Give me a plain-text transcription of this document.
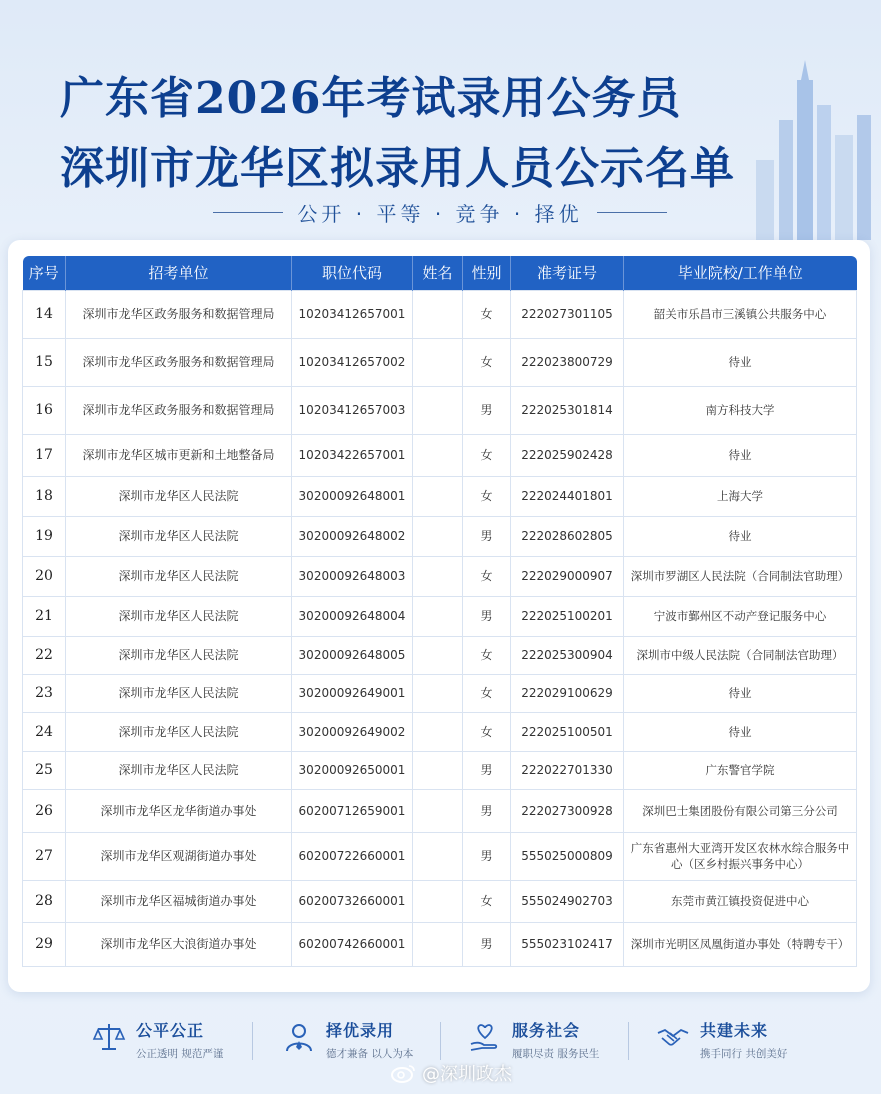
广东省2026年考试录用公务员
深圳市龙华区拟录用人员公示名单
公开 · 平等 · 竞争 · 择优
序号	招考单位	职位代码	姓名	性别	准考证号	毕业院校/工作单位
14	深圳市龙华区政务服务和数据管理局	10203412657001		女	222027301105	韶关市乐昌市三溪镇公共服务中心
15	深圳市龙华区政务服务和数据管理局	10203412657002		女	222023800729	待业
16	深圳市龙华区政务服务和数据管理局	10203412657003		男	222025301814	南方科技大学
17	深圳市龙华区城市更新和土地整备局	10203422657001		女	222025902428	待业
18	深圳市龙华区人民法院	30200092648001		女	222024401801	上海大学
19	深圳市龙华区人民法院	30200092648002		男	222028602805	待业
20	深圳市龙华区人民法院	30200092648003		女	222029000907	深圳市罗湖区人民法院（合同制法官助理）
21	深圳市龙华区人民法院	30200092648004		男	222025100201	宁波市鄞州区不动产登记服务中心
22	深圳市龙华区人民法院	30200092648005		女	222025300904	深圳市中级人民法院（合同制法官助理）
23	深圳市龙华区人民法院	30200092649001		女	222029100629	待业
24	深圳市龙华区人民法院	30200092649002		女	222025100501	待业
25	深圳市龙华区人民法院	30200092650001		男	222022701330	广东警官学院
26	深圳市龙华区龙华街道办事处	60200712659001		男	222027300928	深圳巴士集团股份有限公司第三分公司
27	深圳市龙华区观湖街道办事处	60200722660001		男	555025000809	广东省惠州大亚湾开发区农林水综合服务中心（区乡村振兴事务中心）
28	深圳市龙华区福城街道办事处	60200732660001		女	555024902703	东莞市黄江镇投资促进中心
29	深圳市龙华区大浪街道办事处	60200742660001		男	555023102417	深圳市光明区凤凰街道办事处（特聘专干）
公平公正
公正透明 规范严谨
择优录用
德才兼备 以人为本
服务社会
履职尽责 服务民生
共建未来
携手同行 共创美好
@深圳政杰
